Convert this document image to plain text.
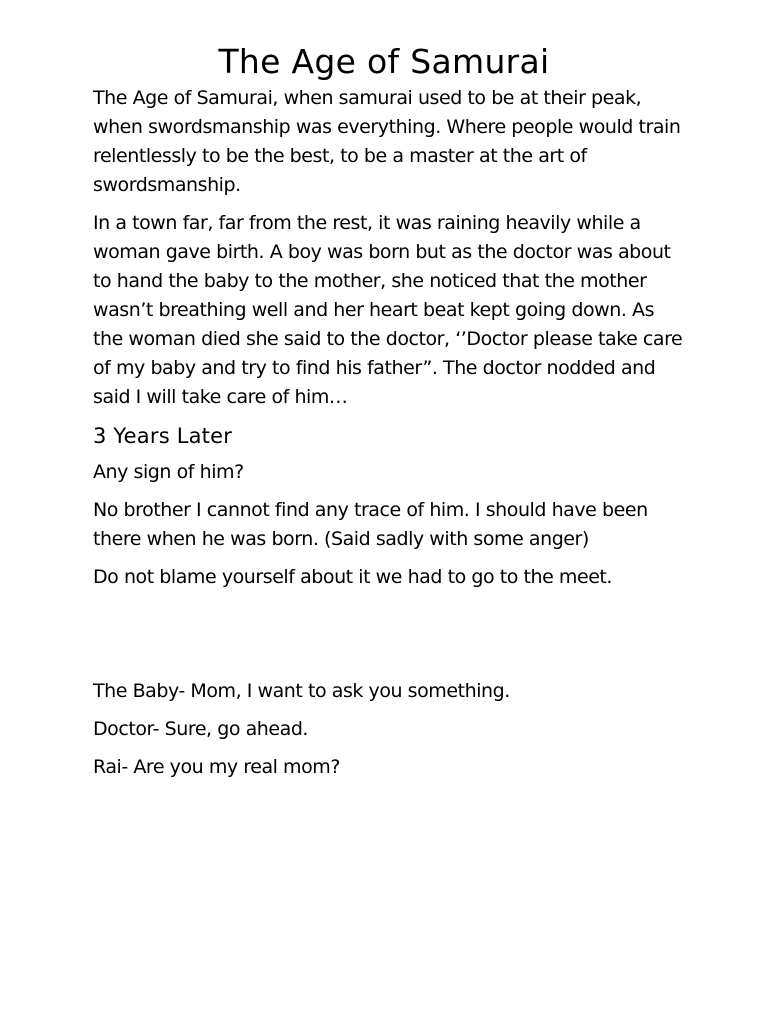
The Age of Samurai

The Age of Samurai, when samurai used to be at their peak, when swordsmanship was everything. Where people would train relentlessly to be the best, to be a master at the art of swordsmanship.

In a town far, far from the rest, it was raining heavily while a woman gave birth. A boy was born but as the doctor was about to hand the baby to the mother, she noticed that the mother wasn’t breathing well and her heart beat kept going down. As the woman died she said to the doctor, ‘’Doctor please take care of my baby and try to find his father”. The doctor nodded and said I will take care of him…

3 Years Later

Any sign of him?

No brother I cannot find any trace of him. I should have been there when he was born. (Said sadly with some anger)

Do not blame yourself about it we had to go to the meet.

The Baby- Mom, I want to ask you something.

Doctor- Sure, go ahead.

Rai- Are you my real mom?
